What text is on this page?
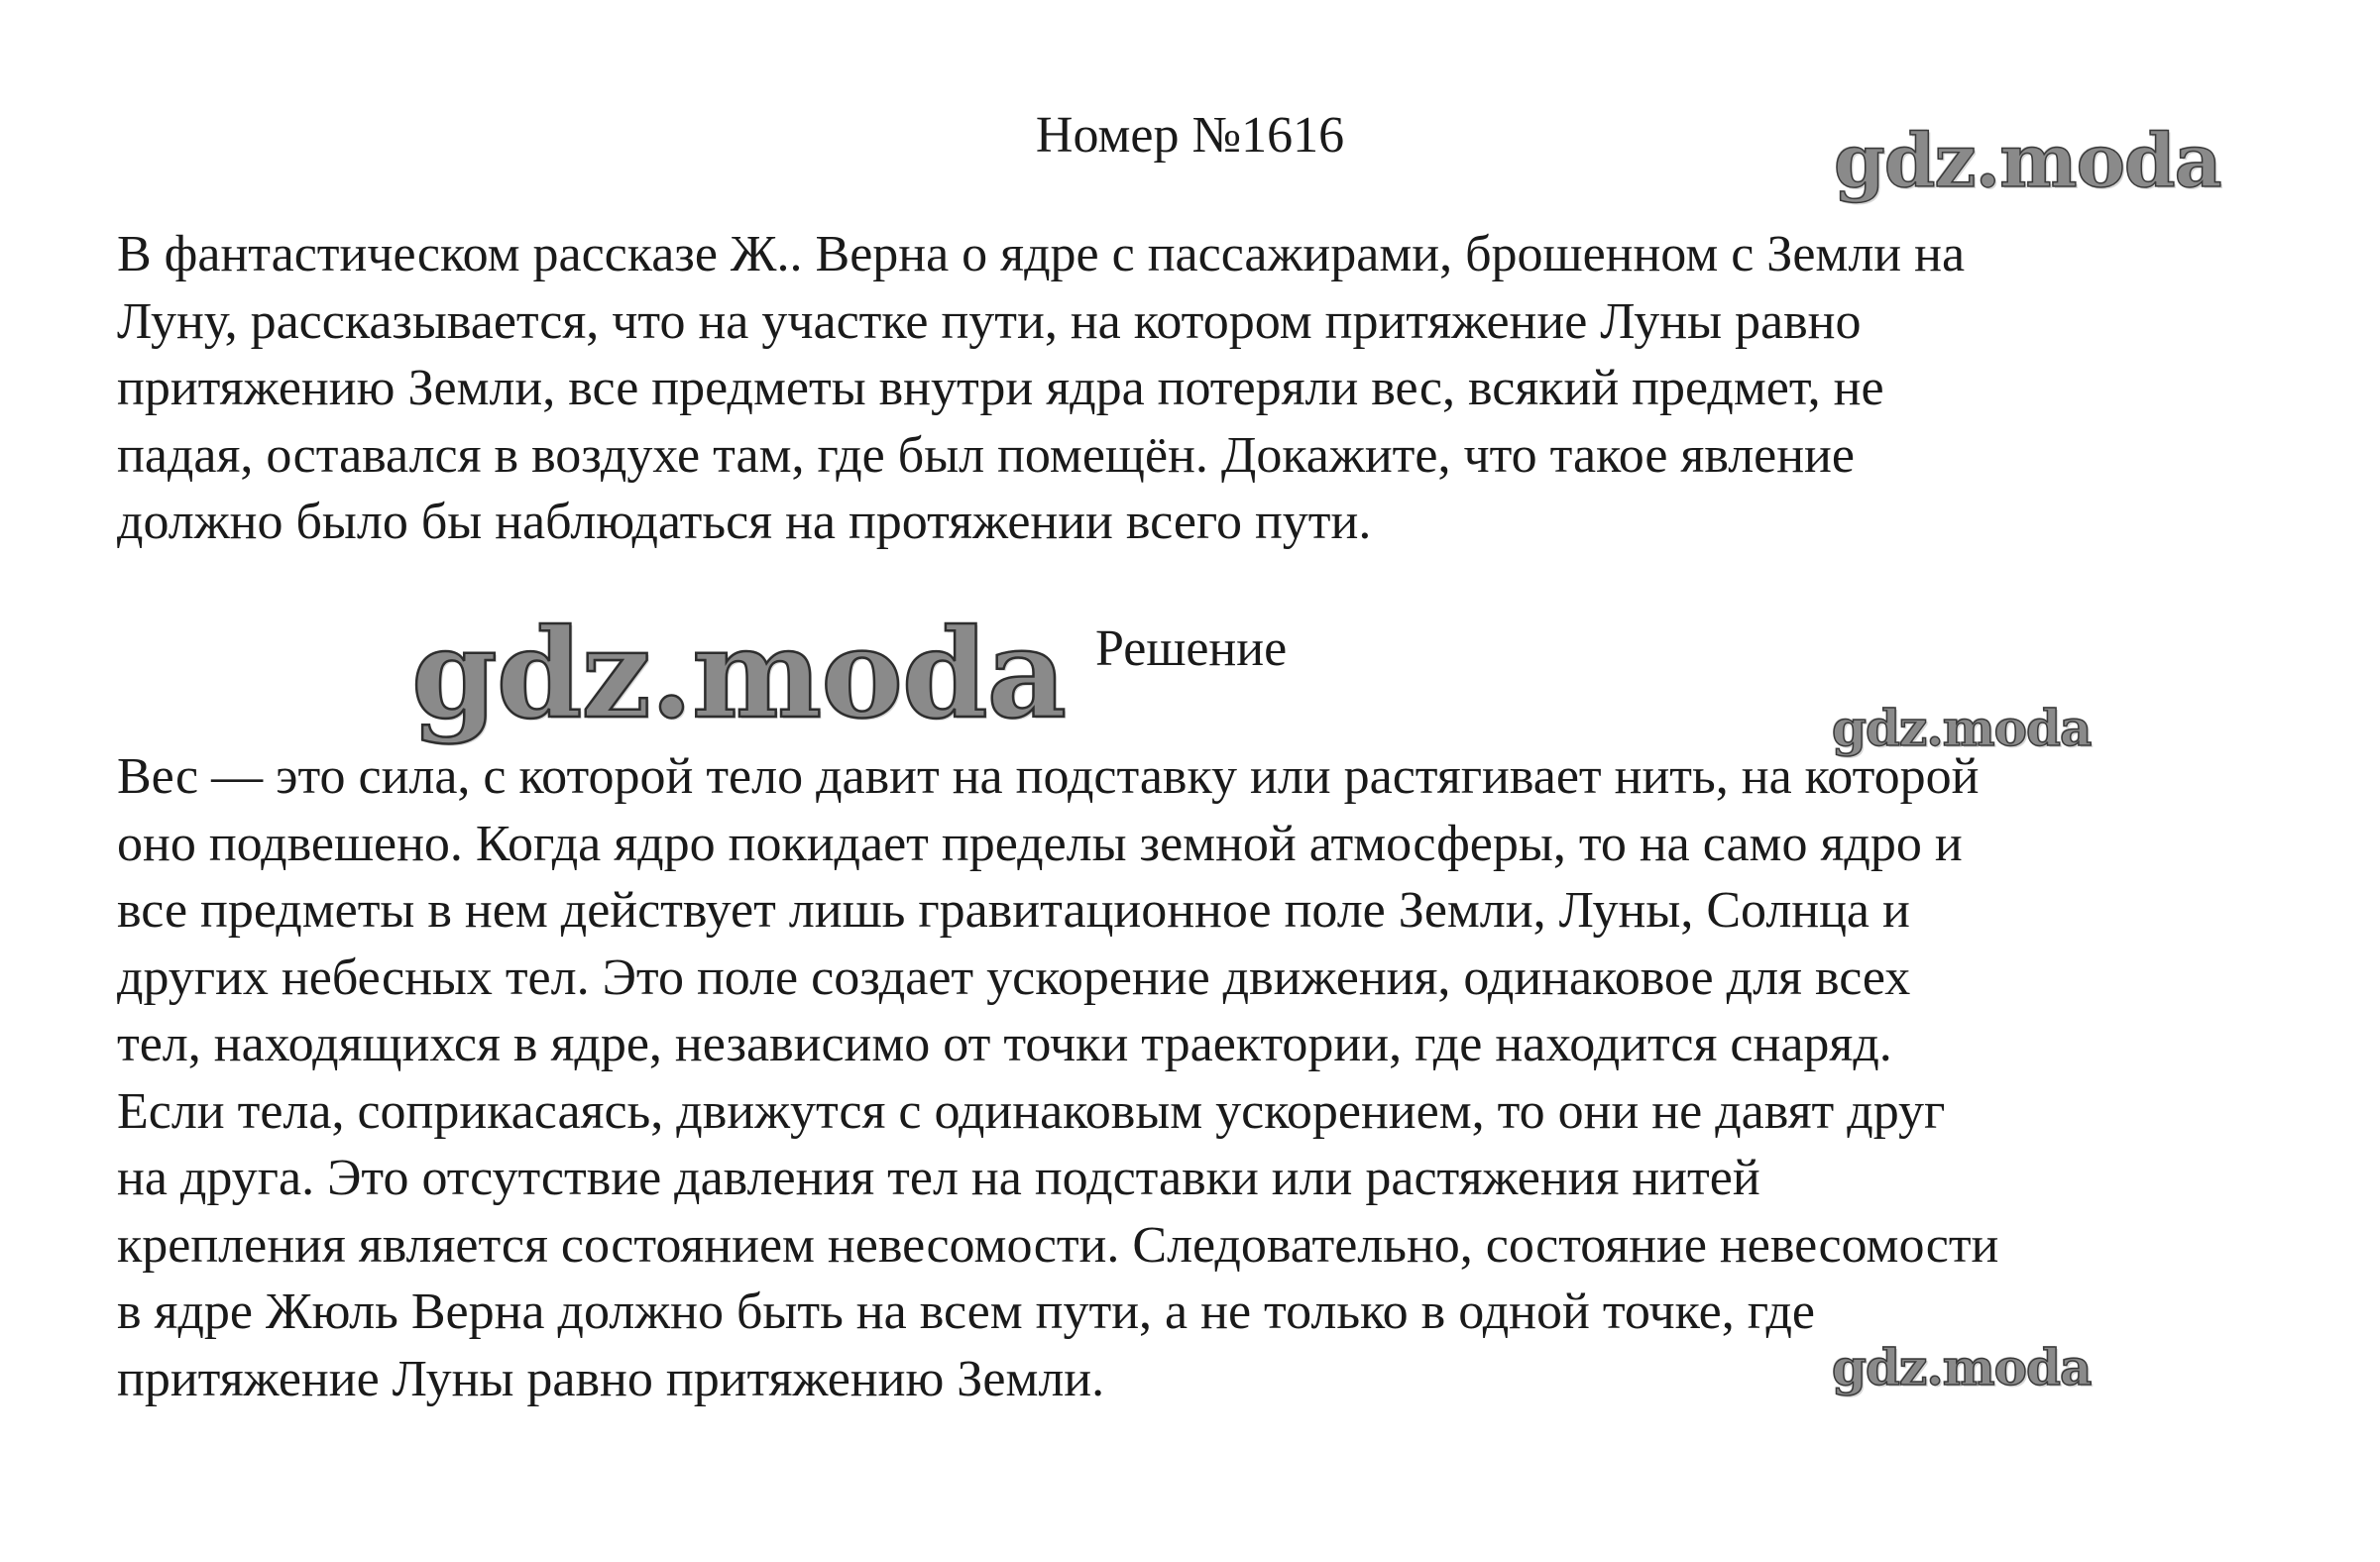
Номер №1616	gdz.moda
В фантастическом рассказе Ж.. Верна о ядре с пассажирами, брошенном с Земли на
Луну, рассказывается, что на участке пути, на котором притяжение Луны равно
притяжению Земли, все предметы внутри ядра потеряли вес, всякий предмет, не
падая, оставался в воздухе там, где был помещён. Докажите, что такое явление
должно было бы наблюдаться на протяжении всего пути.
gdz.moda Решение
gdz.moda
Вес — это сила, с которой тело давит на подставку или растягивает нить, на которой
оно подвешено. Когда ядро покидает пределы земной атмосферы, то на само ядро и
все предметы в нем действует лишь гравитационное поле Земли, Луны, Солнца и
других небесных тел. Это поле создает ускорение движения, одинаковое для всех
тел, находящихся в ядре, независимо от точки траектории, где находится снаряд.
Если тела, соприкасаясь, движутся с одинаковым ускорением, то они не давят друг
на друга. Это отсутствие давления тел на подставки или растяжения нитей
крепления является состоянием невесомости. Следовательно, состояние невесомости
в ядре Жюль Верна должно быть на всем пути, а не только в одной точке, где
притяжение Луны равно притяжению Земли.	gdz.moda
